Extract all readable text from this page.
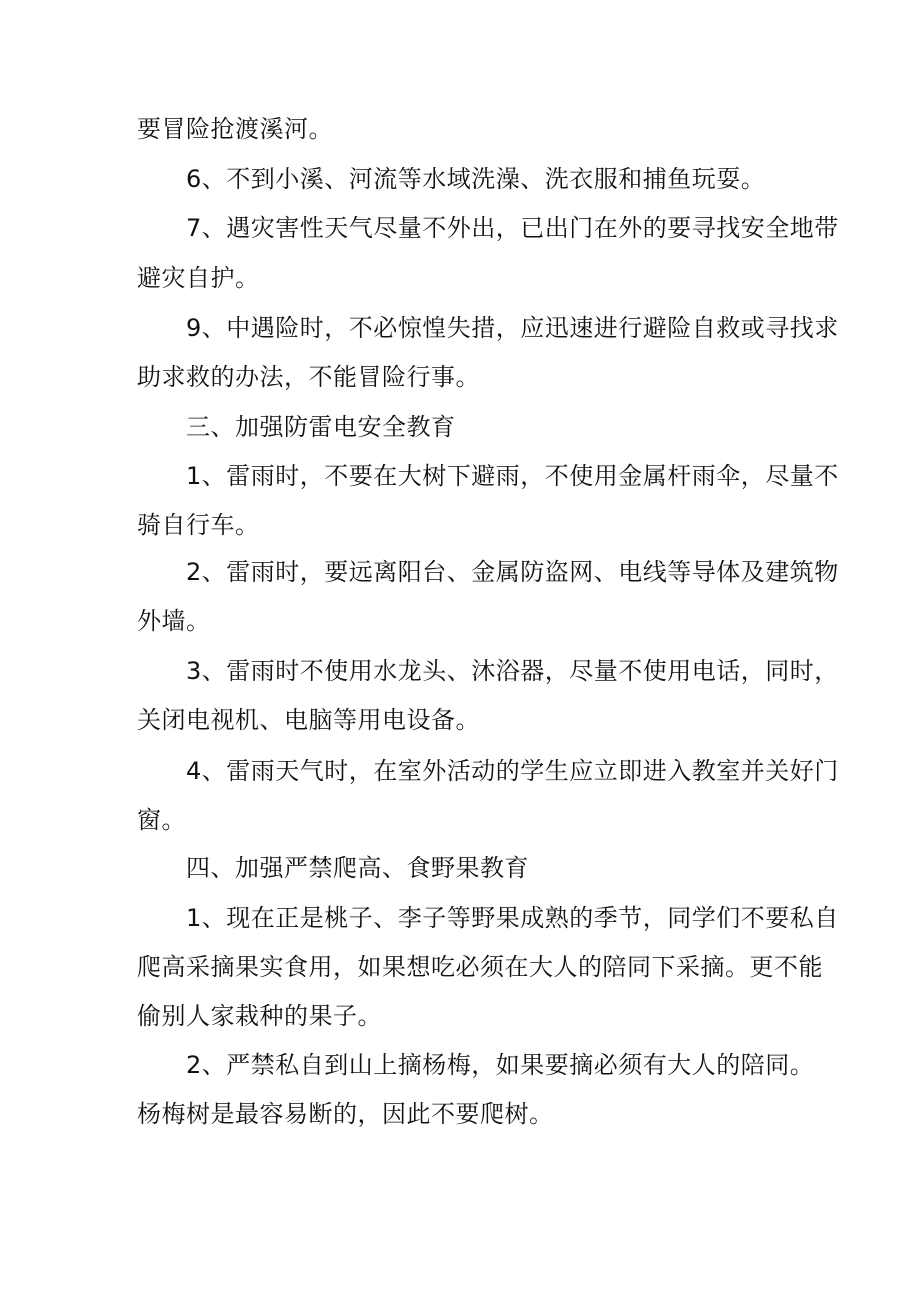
要冒险抢渡溪河。

6、不到小溪、河流等水域洗澡、洗衣服和捕鱼玩耍。

7、遇灾害性天气尽量不外出，已出门在外的要寻找安全地带

避灾自护。

9、中遇险时，不必惊惶失措，应迅速进行避险自救或寻找求

助求救的办法，不能冒险行事。

三、加强防雷电安全教育

1、雷雨时，不要在大树下避雨，不使用金属杆雨伞，尽量不

骑自行车。

2、雷雨时，要远离阳台、金属防盗网、电线等导体及建筑物

外墙。

3、雷雨时不使用水龙头、沐浴器，尽量不使用电话，同时，

关闭电视机、电脑等用电设备。

4、雷雨天气时，在室外活动的学生应立即进入教室并关好门

窗。

四、加强严禁爬高、食野果教育

1、现在正是桃子、李子等野果成熟的季节，同学们不要私自

爬高采摘果实食用，如果想吃必须在大人的陪同下采摘。更不能

偷别人家栽种的果子。

2、严禁私自到山上摘杨梅，如果要摘必须有大人的陪同。

杨梅树是最容易断的，因此不要爬树。
